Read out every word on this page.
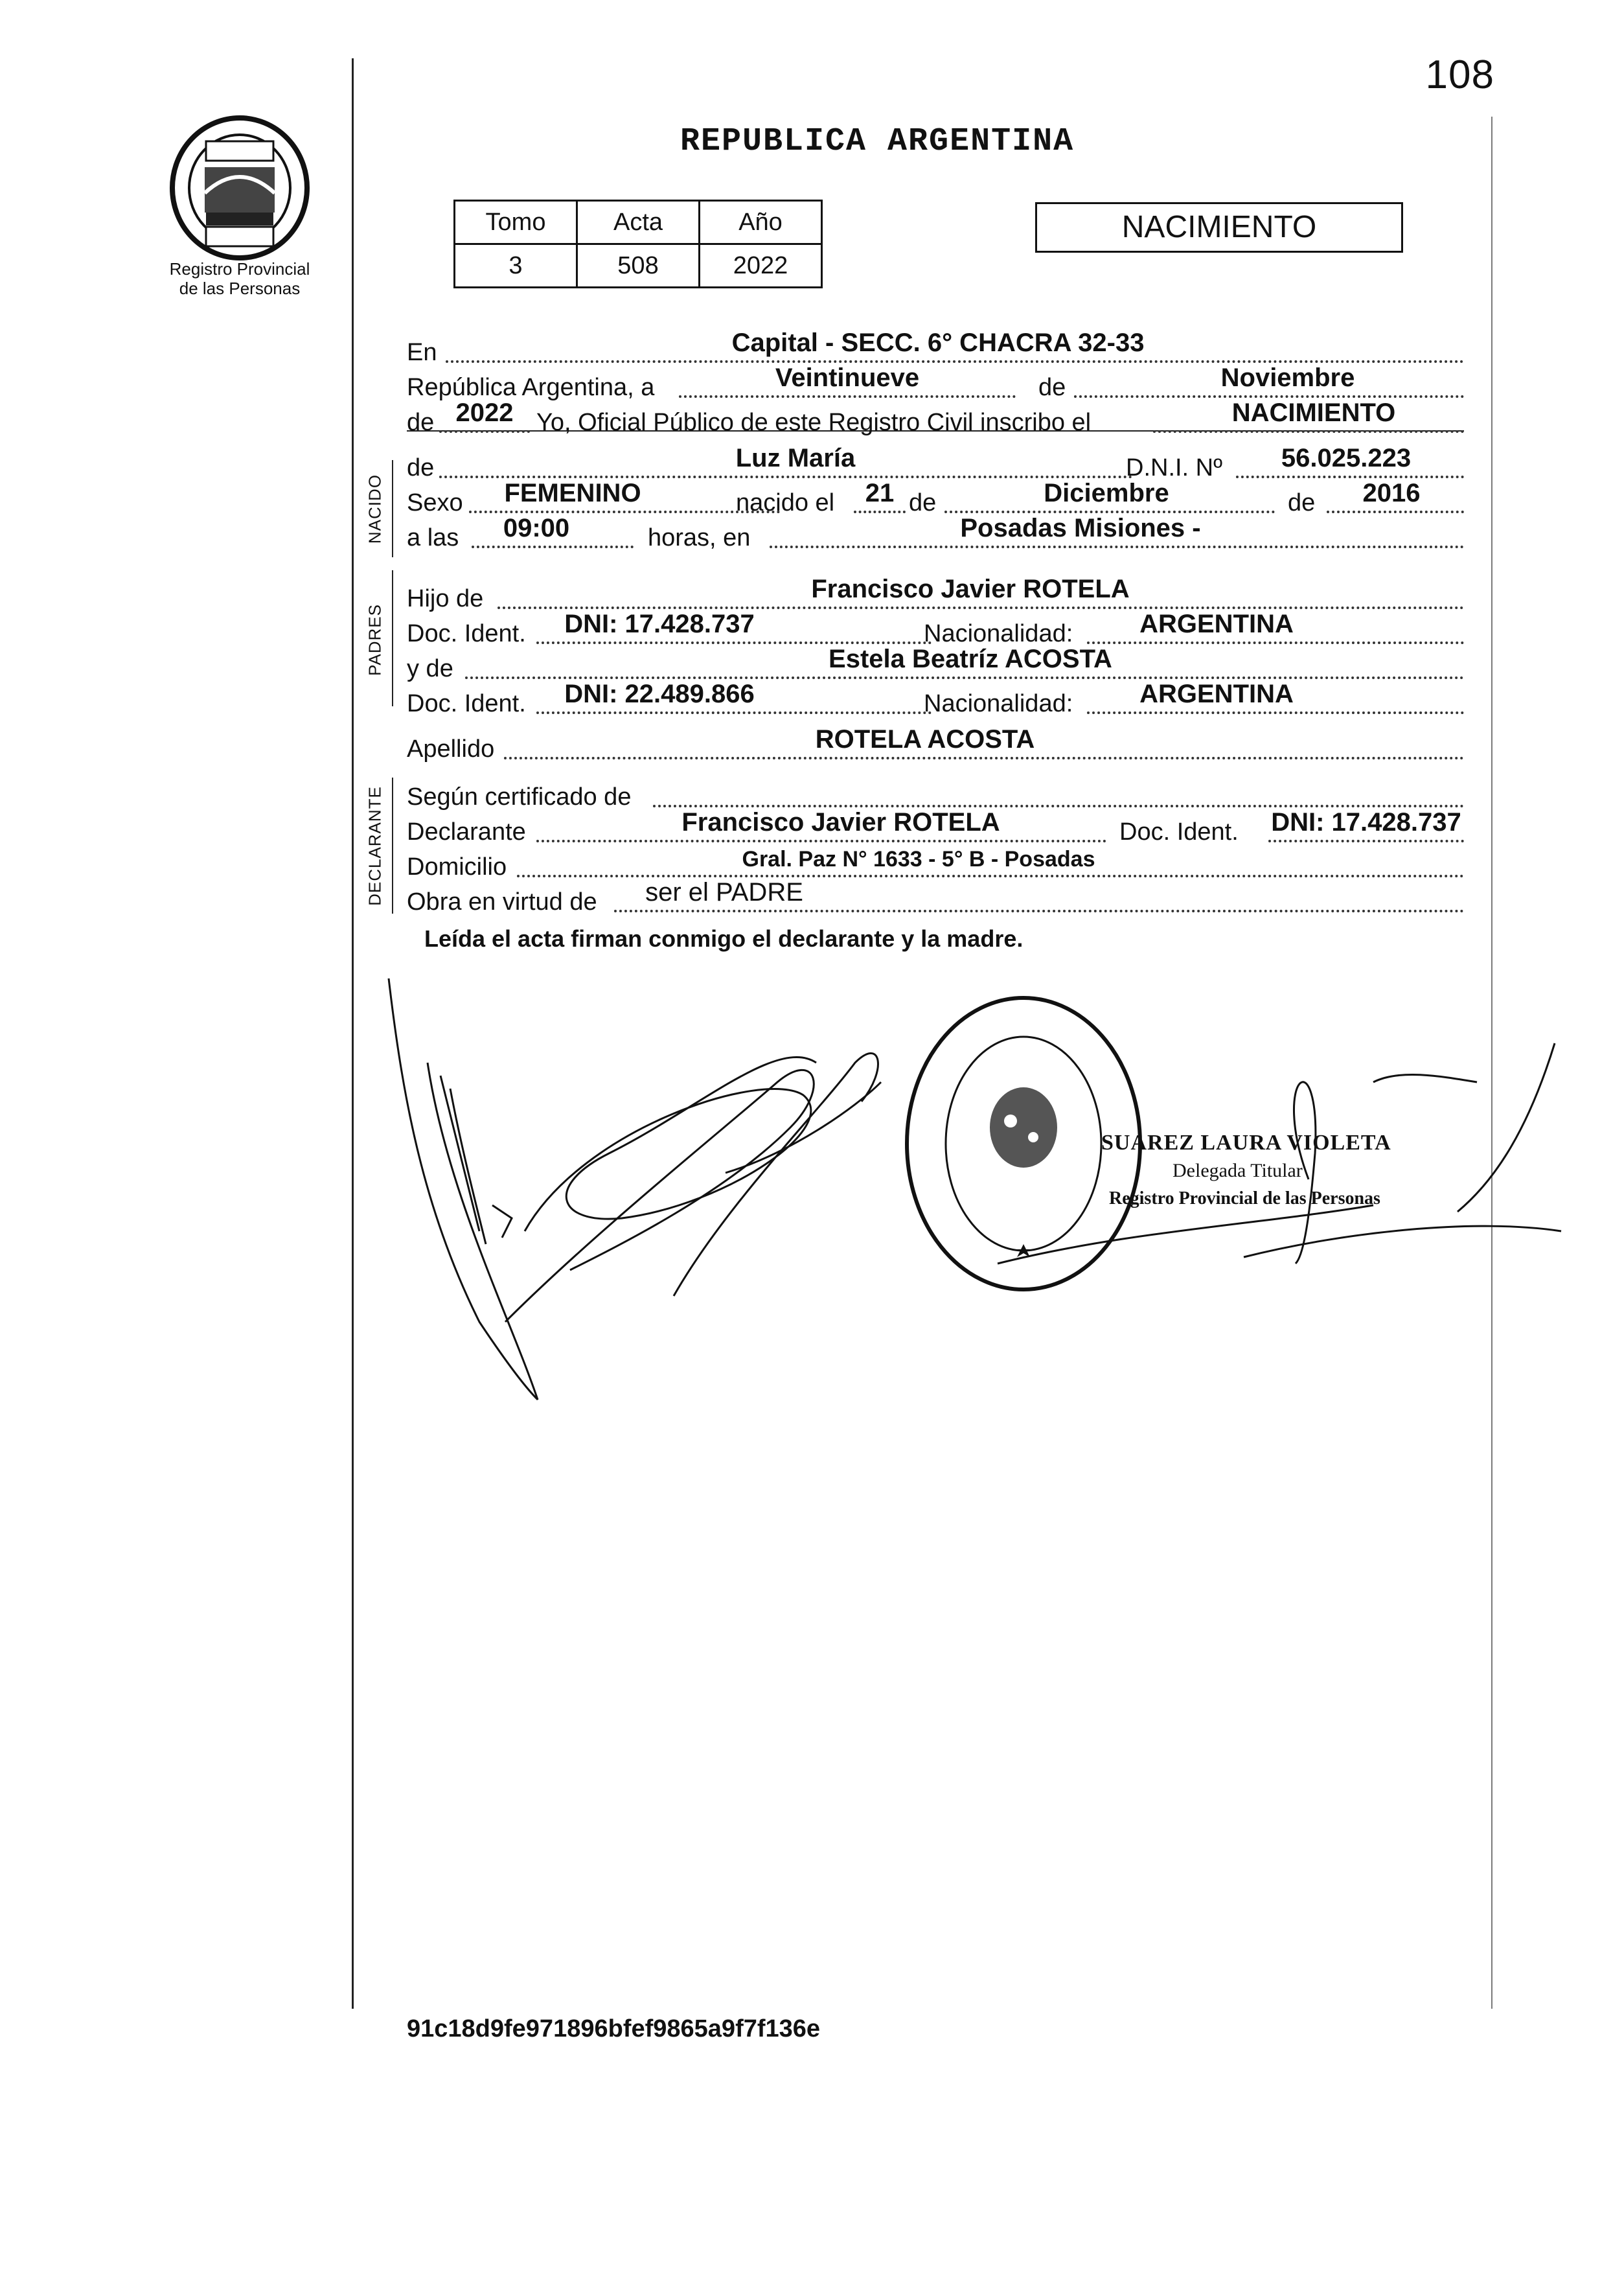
108
Registro Provincial
de las Personas
REPUBLICA ARGENTINA
Tomo	Acta	Año
3	508	2022
NACIMIENTO
NACIDO
PADRES
DECLARANTE
En	Capital - SECC. 6° CHACRA 32-33
República Argentina, a	Veintinueve	de	Noviembre
de 2022 Yo, Oficial Público de este Registro Civil inscribo el	NACIMIENTO
de	Luz María	D.N.I. Nº	56.025.223
Sexo	FEMENINO	nacido el	21 de	Diciembre	de	2016
a las	09:00	horas, en	Posadas Misiones -
Hijo de	Francisco Javier ROTELA
Doc. Ident.	DNI: 17.428.737	Nacionalidad:	ARGENTINA
y de	Estela Beatríz ACOSTA
Doc. Ident.	DNI: 22.489.866	Nacionalidad:	ARGENTINA
Apellido	ROTELA ACOSTA
Según certificado de
Declarante	Francisco Javier ROTELA	Doc. Ident. DNI: 17.428.737
Domicilio	Gral. Paz N° 1633 - 5° B - Posadas
Obra en virtud de ser el PADRE
Leída el acta firman conmigo el declarante y la madre.
SUAREZ LAURA VIOLETA
Delegada Titular
Registro Provincial de las Personas
91c18d9fe971896bfef9865a9f7f136e
